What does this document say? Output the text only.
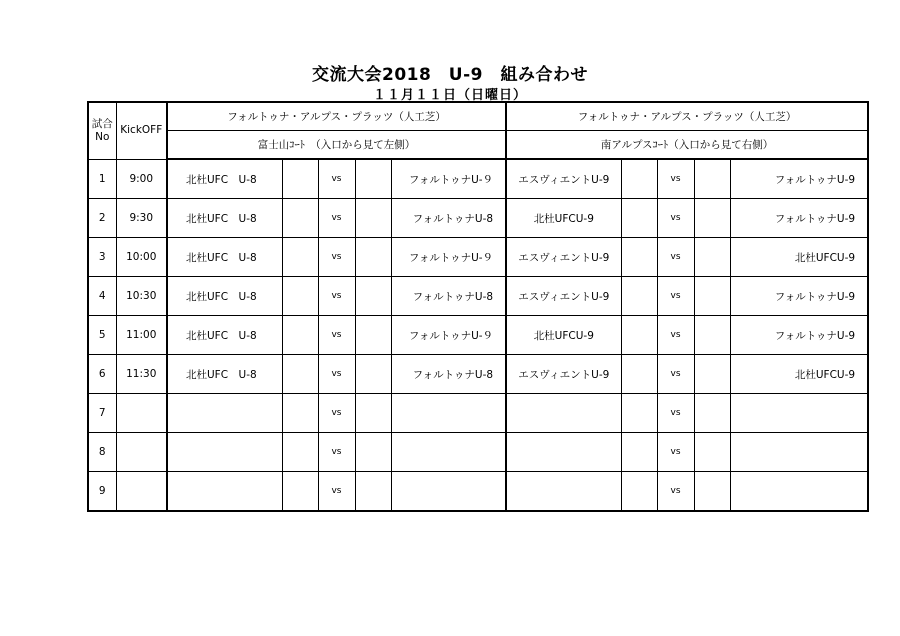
交流大会2018　U-9　組み合わせ
１１月１１日（日曜日）
試合
No	KickOFF	フォルトゥナ・アルプス・プラッツ（人工芝）					フォルトゥナ・アルプス・プラッツ（人工芝）				
		富士山ｺｰﾄ　（入口から見て左側）					南アルプスｺｰﾄ（入口から見て右側）				
1	9:00	北杜UFC　U-8		vs		フォルトゥナU-９	エスヴィエントU-9		vs		フォルトゥナU-9
2	9:30	北杜UFC　U-8		vs		フォルトゥナU-8	北杜UFCU-9		vs		フォルトゥナU-9
3	10:00	北杜UFC　U-8		vs		フォルトゥナU-９	エスヴィエントU-9		vs		北杜UFCU-9
4	10:30	北杜UFC　U-8		vs		フォルトゥナU-8	エスヴィエントU-9		vs		フォルトゥナU-9
5	11:00	北杜UFC　U-8		vs		フォルトゥナU-９	北杜UFCU-9		vs		フォルトゥナU-9
6	11:30	北杜UFC　U-8		vs		フォルトゥナU-8	エスヴィエントU-9		vs		北杜UFCU-9
7				vs					vs		
8				vs					vs		
9				vs					vs		
